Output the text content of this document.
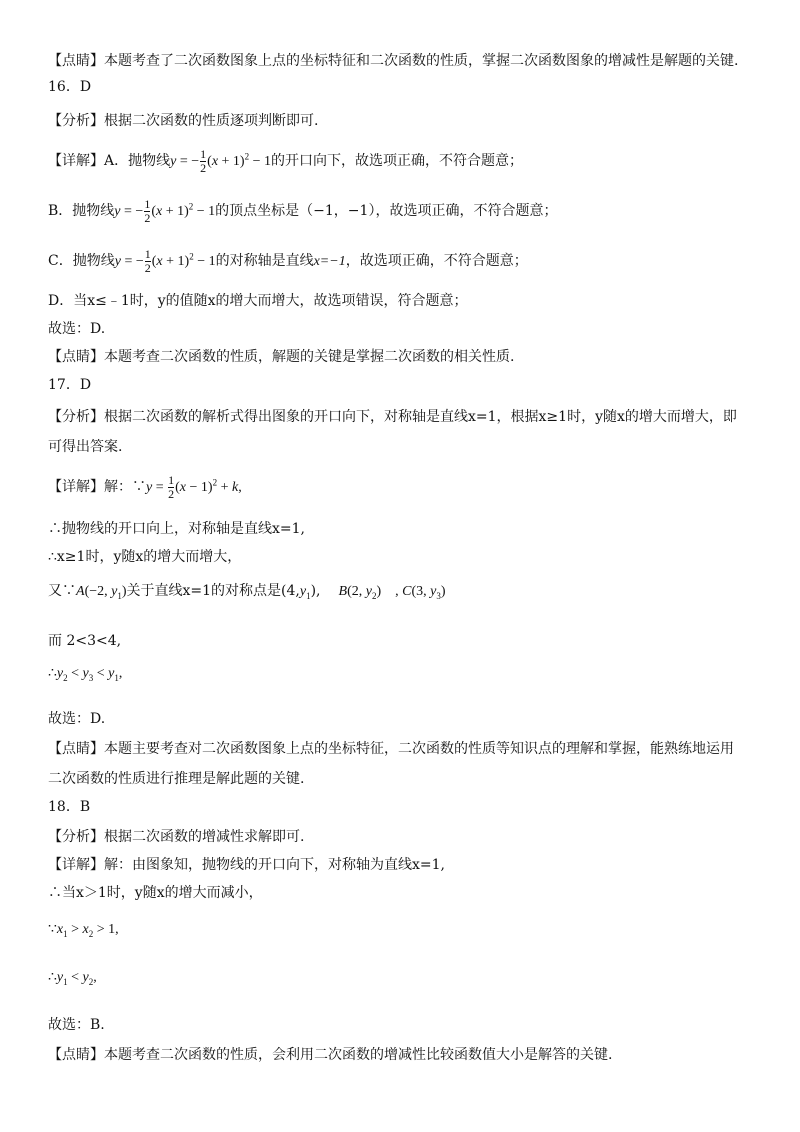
【点睛】本题考查了二次函数图象上点的坐标特征和二次函数的性质，掌握二次函数图象的增减性是解题的关键.
16．D
【分析】根据二次函数的性质逐项判断即可.
【详解】A．抛物线y = − $\frac{1}{2} (x + 1)^2 - 1$的开口向下，故选项正确，不符合题意；
B．抛物线y = − $\frac{1}{2} (x + 1)^2 - 1$的顶点坐标是（−1，−1），故选项正确，不符合题意；
C．抛物线y = − $\frac{1}{2} (x + 1)^2 - 1$的对称轴是直线x=−1，故选项正确，不符合题意；
D．当x≤﹣1时，y的值随x的增大而增大，故选项错误，符合题意；
故选：D.
【点睛】本题考查二次函数的性质，解题的关键是掌握二次函数的相关性质.
17．D
【分析】根据二次函数的解析式得出图象的开口向下，对称轴是直线x=1，根据x≥1时，y随x的增大而增大，即
可得出答案.
【详解】解：∵y = $\frac{1}{2} (x - 1)^2 + k$,
∴抛物线的开口向上，对称轴是直线x=1,
∴x≥1时，y随x的增大而增大，
又∵A(−2, $y_1$)关于直线x=1的对称点是$(4,y_1)$, B(2, $y_2$) , C(3, $y_3$)
而 2<3<4,
$\therefore y_2 < y_3 < y_1$,
故选：D.
【点睛】本题主要考查对二次函数图象上点的坐标特征，二次函数的性质等知识点的理解和掌握，能熟练地运用
二次函数的性质进行推理是解此题的关键.
18．B
【分析】根据二次函数的增减性求解即可.
【详解】解：由图象知，抛物线的开口向下，对称轴为直线x=1,
∴当x＞1时，y随x的增大而减小，
$\because x_1 > x_2 > 1$,
$\therefore y_1 < y_2$,
故选：B.
【点睛】本题考查二次函数的性质，会利用二次函数的增减性比较函数值大小是解答的关键.
